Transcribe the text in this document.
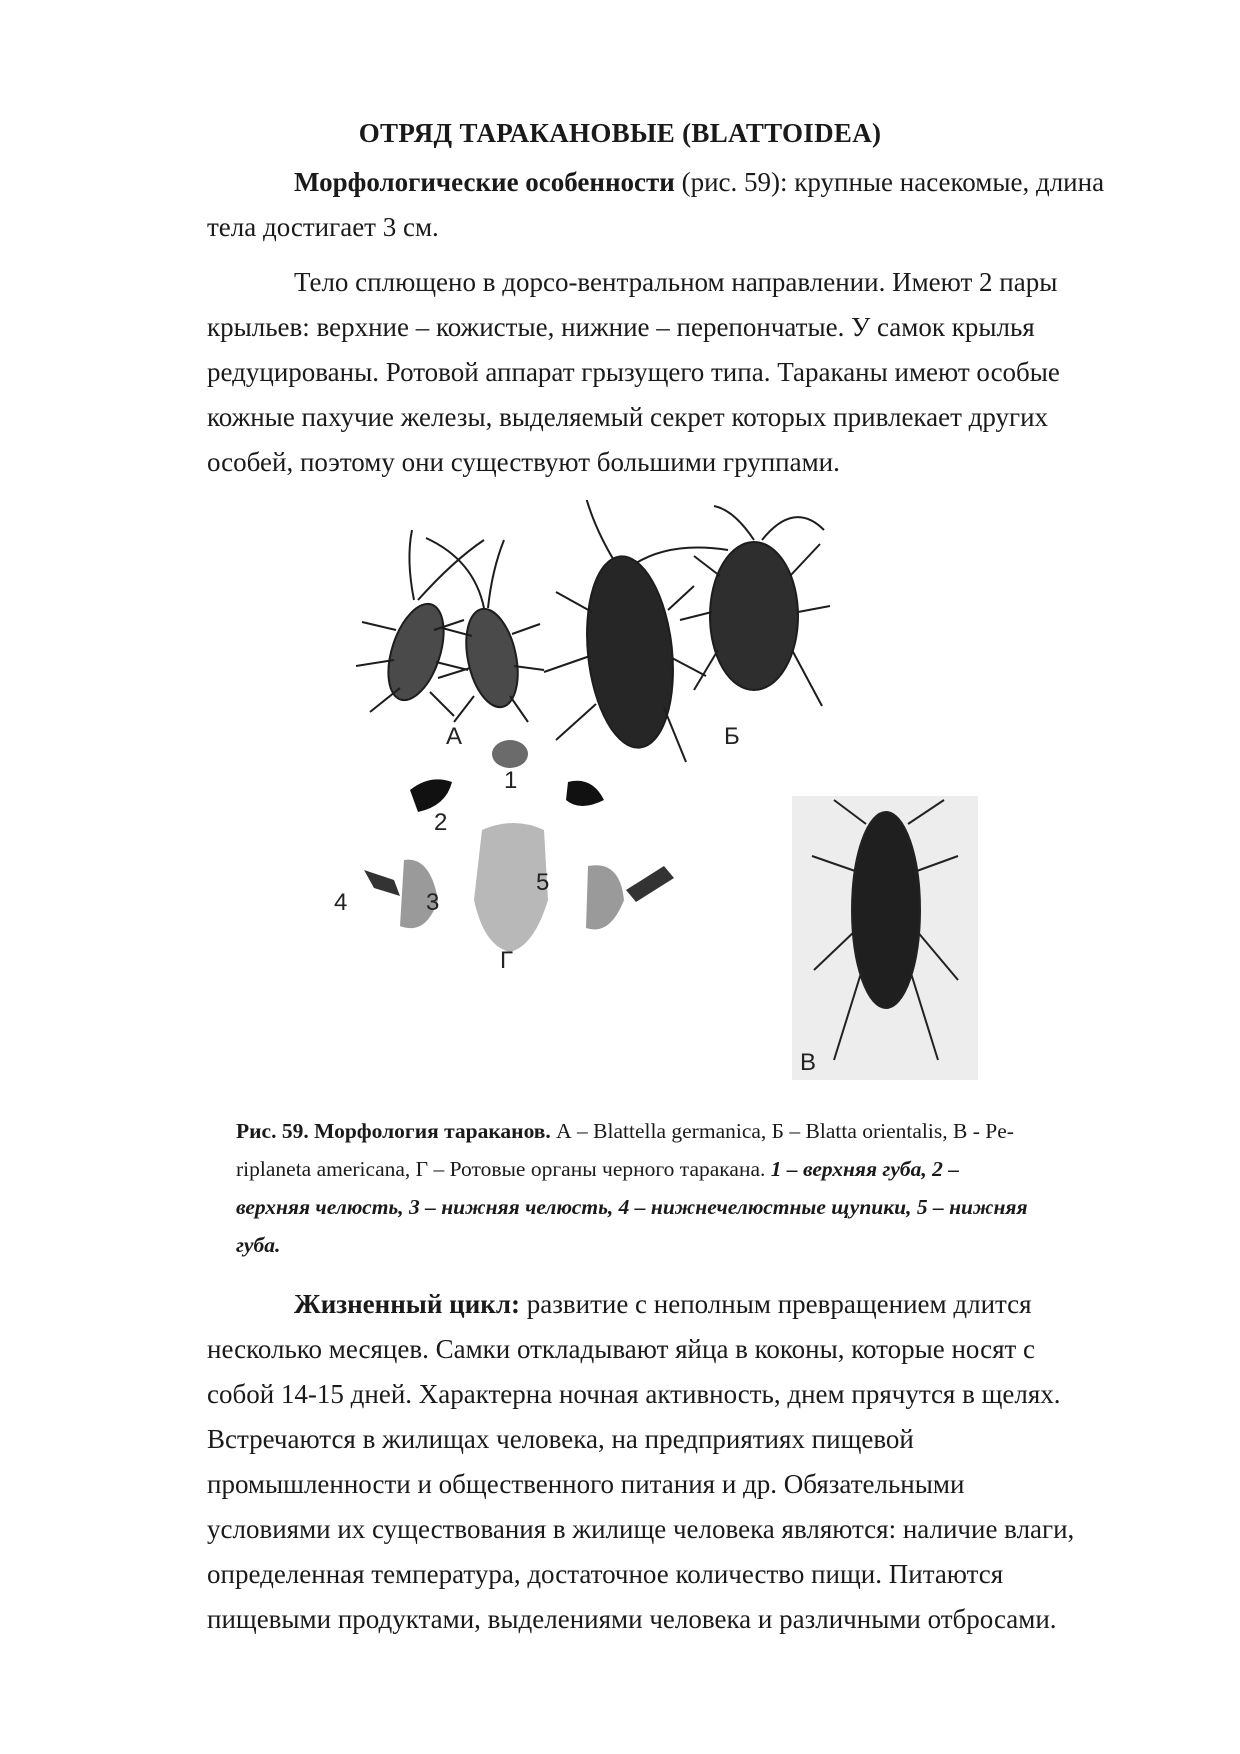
ОТРЯД ТАРАКАНОВЫЕ (BLATTOIDEA)
Морфологические особенности (рис. 59): крупные насекомые, длина
тела достигает 3 см.
Тело сплющено в дорсо-вентральном направлении. Имеют 2 пары
крыльев: верхние – кожистые, нижние – перепончатые. У самок крылья
редуцированы. Ротовой аппарат грызущего типа. Тараканы имеют особые
кожные пахучие железы, выделяемый секрет которых привлекает других
особей, поэтому они существуют большими группами.
А	Б
1
2
4	3
5
Г
В
Рис. 59. Морфология тараканов. А – Blattella germanica, Б – Blatta orientalis, В - Pe-
riplaneta americana, Г – Ротовые органы черного таракана. 1 – верхняя губа, 2 –
верхняя челюсть, 3 – нижняя челюсть, 4 – нижнечелюстные щупики, 5 – нижняя
губа.
Жизненный цикл: развитие с неполным превращением длится
несколько месяцев. Самки откладывают яйца в коконы, которые носят с
собой 14-15 дней. Характерна ночная активность, днем прячутся в щелях.
Встречаются в жилищах человека, на предприятиях пищевой
промышленности и общественного питания и др. Обязательными
условиями их существования в жилище человека являются: наличие влаги,
определенная температура, достаточное количество пищи. Питаются
пищевыми продуктами, выделениями человека и различными отбросами.
